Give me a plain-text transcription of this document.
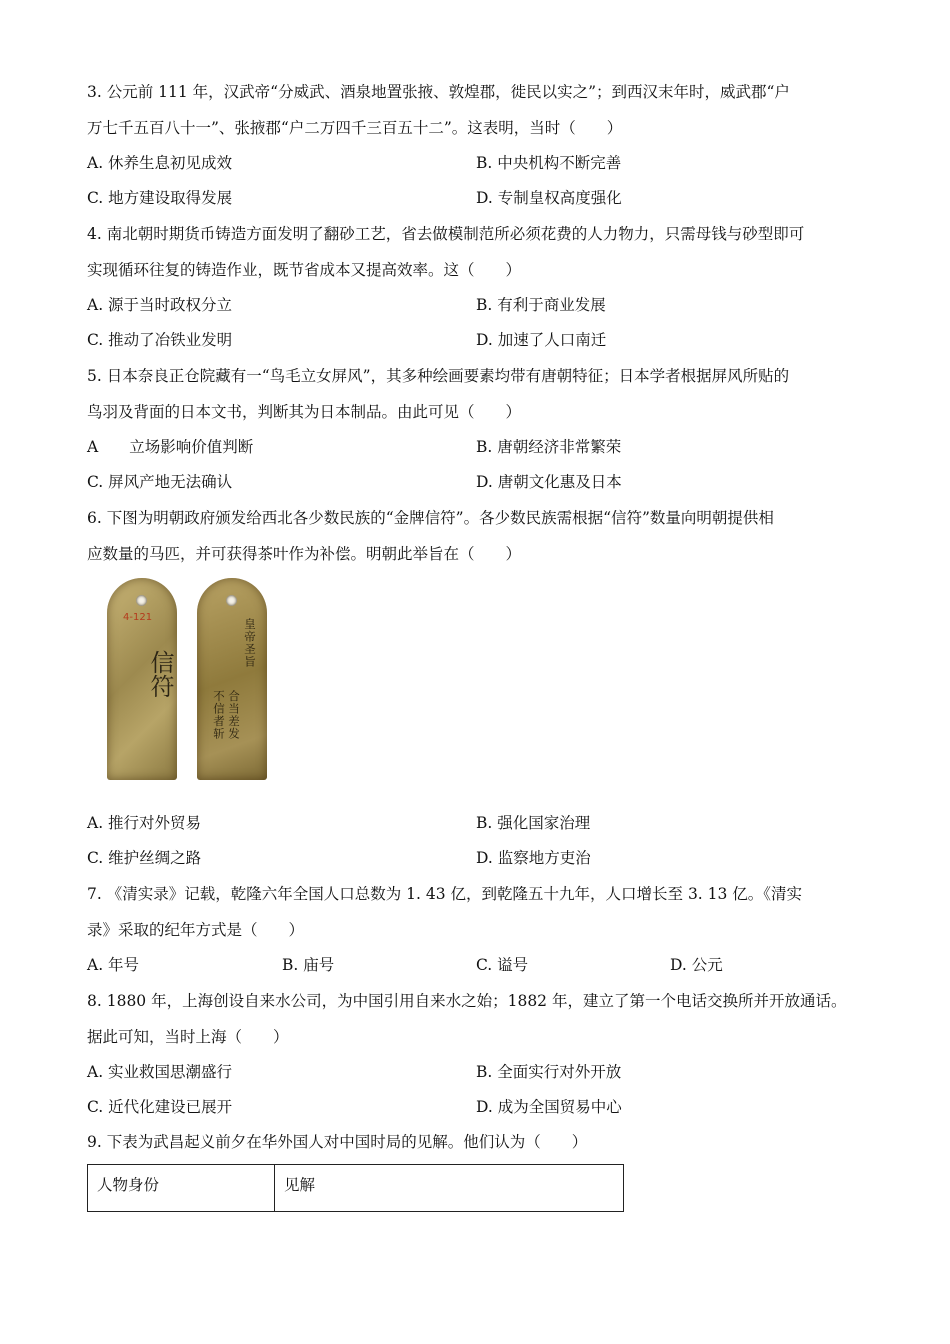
3. 公元前 111 年，汉武帝“分威武、酒泉地置张掖、敦煌郡，徙民以实之”；到西汉末年时，威武郡“户
万七千五百八十一”、张掖郡“户二万四千三百五十二”。这表明，当时（　　）
A. 休养生息初见成效	B. 中央机构不断完善
C. 地方建设取得发展	D. 专制皇权高度强化
4. 南北朝时期货币铸造方面发明了翻砂工艺，省去做模制范所必须花费的人力物力，只需母钱与砂型即可
实现循环往复的铸造作业，既节省成本又提高效率。这（　　）
A. 源于当时政权分立	B. 有利于商业发展
C. 推动了冶铁业发明	D. 加速了人口南迁
5. 日本奈良正仓院藏有一“鸟毛立女屏风”，其多种绘画要素均带有唐朝特征；日本学者根据屏风所贴的
鸟羽及背面的日本文书，判断其为日本制品。由此可见（　　）
A　　立场影响价值判断	B. 唐朝经济非常繁荣
C. 屏风产地无法确认	D. 唐朝文化惠及日本
6. 下图为明朝政府颁发给西北各少数民族的“金牌信符”。各少数民族需根据“信符”数量向明朝提供相
应数量的马匹，并可获得茶叶作为补偿。明朝此举旨在（　　）
4-121
信符
皇帝圣旨
不信者斩 合当差发
A. 推行对外贸易	B. 强化国家治理
C. 维护丝绸之路	D. 监察地方吏治
7. 《清实录》记载，乾隆六年全国人口总数为 1. 43 亿，到乾隆五十九年，人口增长至 3. 13 亿。《清实
录》采取的纪年方式是（　　）
A. 年号	B. 庙号	C. 谥号	D. 公元
8. 1880 年，上海创设自来水公司，为中国引用自来水之始；1882 年，建立了第一个电话交换所并开放通话。
据此可知，当时上海（　　）
A. 实业救国思潮盛行	B. 全面实行对外开放
C. 近代化建设已展开	D. 成为全国贸易中心
9. 下表为武昌起义前夕在华外国人对中国时局的见解。他们认为（　　）
人物身份	见解
